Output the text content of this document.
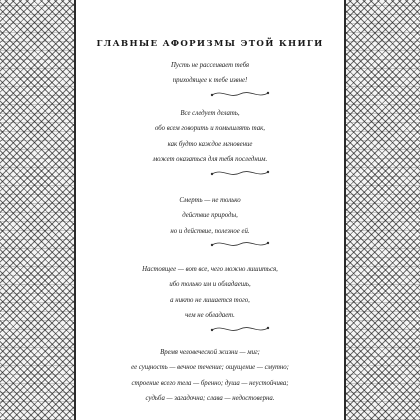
ГЛАВНЫЕ АФОРИЗМЫ ЭТОЙ КНИГИ
Пусть не рассеивает тебя
приходящее к тебе извне!
Все следует делать,
обо всем говорить и помышлять так,
как будто каждое мгновение
может оказаться для тебя последним.
Смерть — не только
действие природы,
но и действие, полезное ей.
Настоящее — вот все, чего можно лишиться,
ибо только им и обладаешь,
а никто не лишается того,
чем не обладает.
Время человеческой жизни — миг;
ее сущность — вечное течение; ощущение — смутно;
строение всего тела — бренно; душа — неустойчива;
судьба — загадочна; слава — недостоверна.
